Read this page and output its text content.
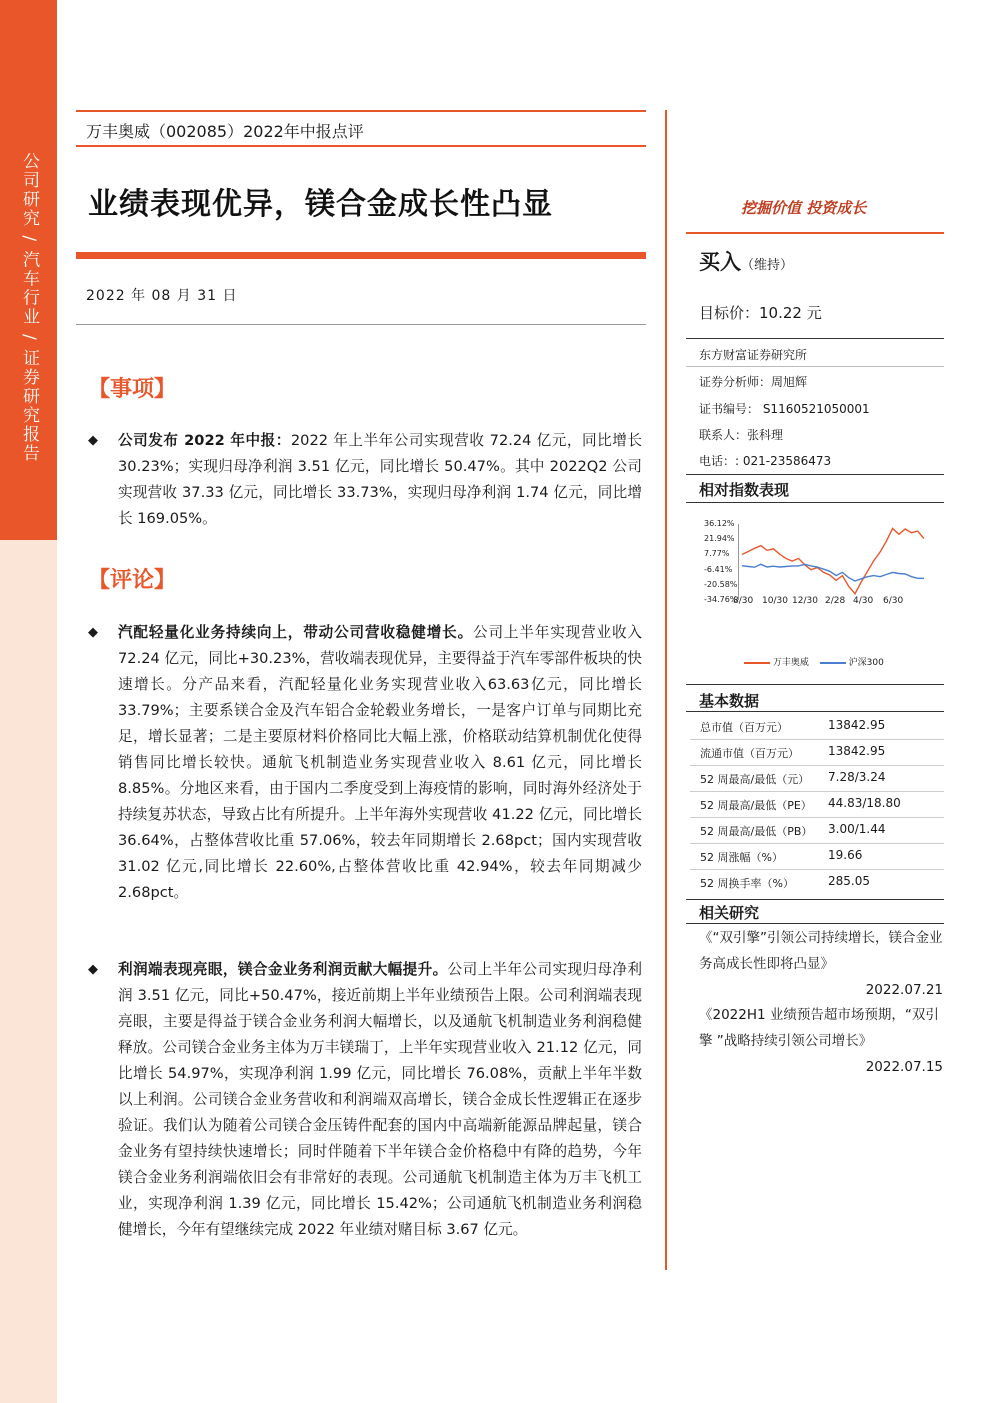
公司研究 / 汽车行业 / 证券研究报告
万丰奥威（002085）2022年中报点评
业绩表现优异，镁合金成长性凸显
2022 年 08 月 31 日
【事项】
◆ 公司发布 2022 年中报：2022 年上半年公司实现营收 72.24 亿元，同比增长 30.23%；实现归母净利润 3.51 亿元，同比增长 50.47%。其中 2022Q2 公司实现营收 37.33 亿元，同比增长 33.73%，实现归母净利润 1.74 亿元，同比增长 169.05%。
【评论】
◆ 汽配轻量化业务持续向上，带动公司营收稳健增长。公司上半年实现营业收入 72.24 亿元，同比+30.23%，营收端表现优异，主要得益于汽车零部件板块的快速增长。分产品来看，汽配轻量化业务实现营业收入63.63亿元，同比增长 33.79%；主要系镁合金及汽车铝合金轮毂业务增长，一是客户订单与同期比充足，增长显著；二是主要原材料价格同比大幅上涨，价格联动结算机制优化使得销售同比增长较快。通航飞机制造业务实现营业收入 8.61 亿元，同比增长 8.85%。分地区来看，由于国内二季度受到上海疫情的影响，同时海外经济处于持续复苏状态，导致占比有所提升。上半年海外实现营收 41.22 亿元，同比增长 36.64%，占整体营收比重 57.06%，较去年同期增长 2.68pct；国内实现营收 31.02 亿元,同比增长 22.60%,占整体营收比重 42.94%，较去年同期减少 2.68pct。
◆ 利润端表现亮眼，镁合金业务利润贡献大幅提升。公司上半年公司实现归母净利润 3.51 亿元，同比+50.47%，接近前期上半年业绩预告上限。公司利润端表现亮眼，主要是得益于镁合金业务利润大幅增长，以及通航飞机制造业务利润稳健释放。公司镁合金业务主体为万丰镁瑞丁，上半年实现营业收入 21.12 亿元，同比增长 54.97%，实现净利润 1.99 亿元，同比增长 76.08%，贡献上半年半数以上利润。公司镁合金业务营收和利润端双高增长，镁合金成长性逻辑正在逐步验证。我们认为随着公司镁合金压铸件配套的国内中高端新能源品牌起量，镁合金业务有望持续快速增长；同时伴随着下半年镁合金价格稳中有降的趋势，今年镁合金业务利润端依旧会有非常好的表现。公司通航飞机制造主体为万丰飞机工业，实现净利润 1.39 亿元，同比增长 15.42%；公司通航飞机制造业务利润稳健增长，今年有望继续完成 2022 年业绩对赌目标 3.67 亿元。
挖掘价值 投资成长
买入（维持）
目标价：10.22 元
东方财富证券研究所
证券分析师：周旭辉
证书编号： S1160521050001
联系人：张科理
电话：: 021-23586473
相对指数表现
36.12%
21.94%
7.77%
-6.41%
-20.58%
-34.76%
8/30 10/30 12/30 2/28 4/30 6/30
万丰奥威	沪深300
基本数据
总市值（百万元）	13842.95
流通市值（百万元） 13842.95
52 周最高/最低（元） 7.28/3.24
52 周最高/最低（PE） 44.83/18.80
52 周最高/最低（PB） 3.00/1.44
52 周涨幅（%）	19.66
52 周换手率（%）	285.05
相关研究
《“双引擎”引领公司持续增长，镁合金业务高成长性即将凸显》
2022.07.21
《2022H1 业绩预告超市场预期，“双引擎 ”战略持续引领公司增长》
2022.07.15
